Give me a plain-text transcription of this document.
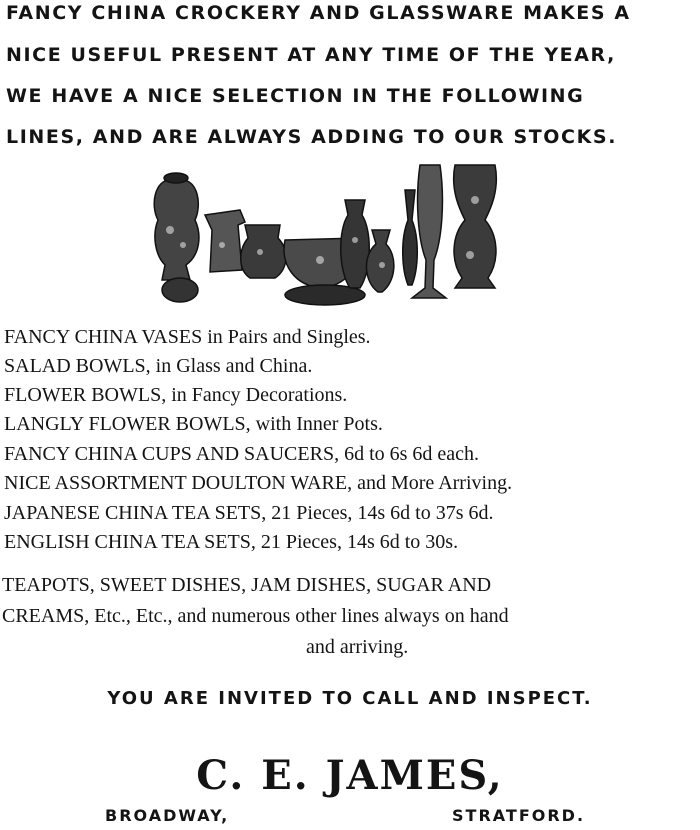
FANCY CHINA CROCKERY AND GLASSWARE MAKES A
NICE USEFUL PRESENT AT ANY TIME OF THE YEAR,
WE HAVE A NICE SELECTION IN THE FOLLOWING
LINES, AND ARE ALWAYS ADDING TO OUR STOCKS.
FANCY CHINA VASES in Pairs and Singles.
SALAD BOWLS, in Glass and China.
FLOWER BOWLS, in Fancy Decorations.
LANGLY FLOWER BOWLS, with Inner Pots.
FANCY CHINA CUPS AND SAUCERS, 6d to 6s 6d each.
NICE ASSORTMENT DOULTON WARE, and More Arriving.
JAPANESE CHINA TEA SETS, 21 Pieces, 14s 6d to 37s 6d.
ENGLISH CHINA TEA SETS, 21 Pieces, 14s 6d to 30s.
TEAPOTS, SWEET DISHES, JAM DISHES, SUGAR AND
CREAMS, Etc., Etc., and numerous other lines always on hand
and arriving.
YOU ARE INVITED TO CALL AND INSPECT.
C. E. JAMES,
BROADWAY,	STRATFORD.
